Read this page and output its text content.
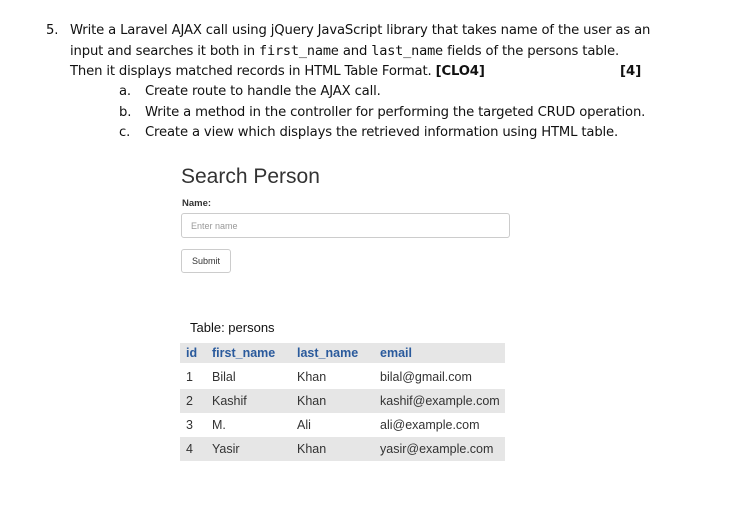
5. Write a Laravel AJAX call using jQuery JavaScript library that takes name of the user as an
input and searches it both in first_name and last_name fields of the persons table.
Then it displays matched records in HTML Table Format. [CLO4]	[4]
a.	Create route to handle the AJAX call.
b.	Write a method in the controller for performing the targeted CRUD operation.
c.	Create a view which displays the retrieved information using HTML table.
Search Person
Name:
Enter name
Submit
Table: persons
id	first_name	last_name	email
1	Bilal	Khan	bilal@gmail.com
2	Kashif	Khan	kashif@example.com
3	M.	Ali	ali@example.com
4	Yasir	Khan	yasir@example.com
